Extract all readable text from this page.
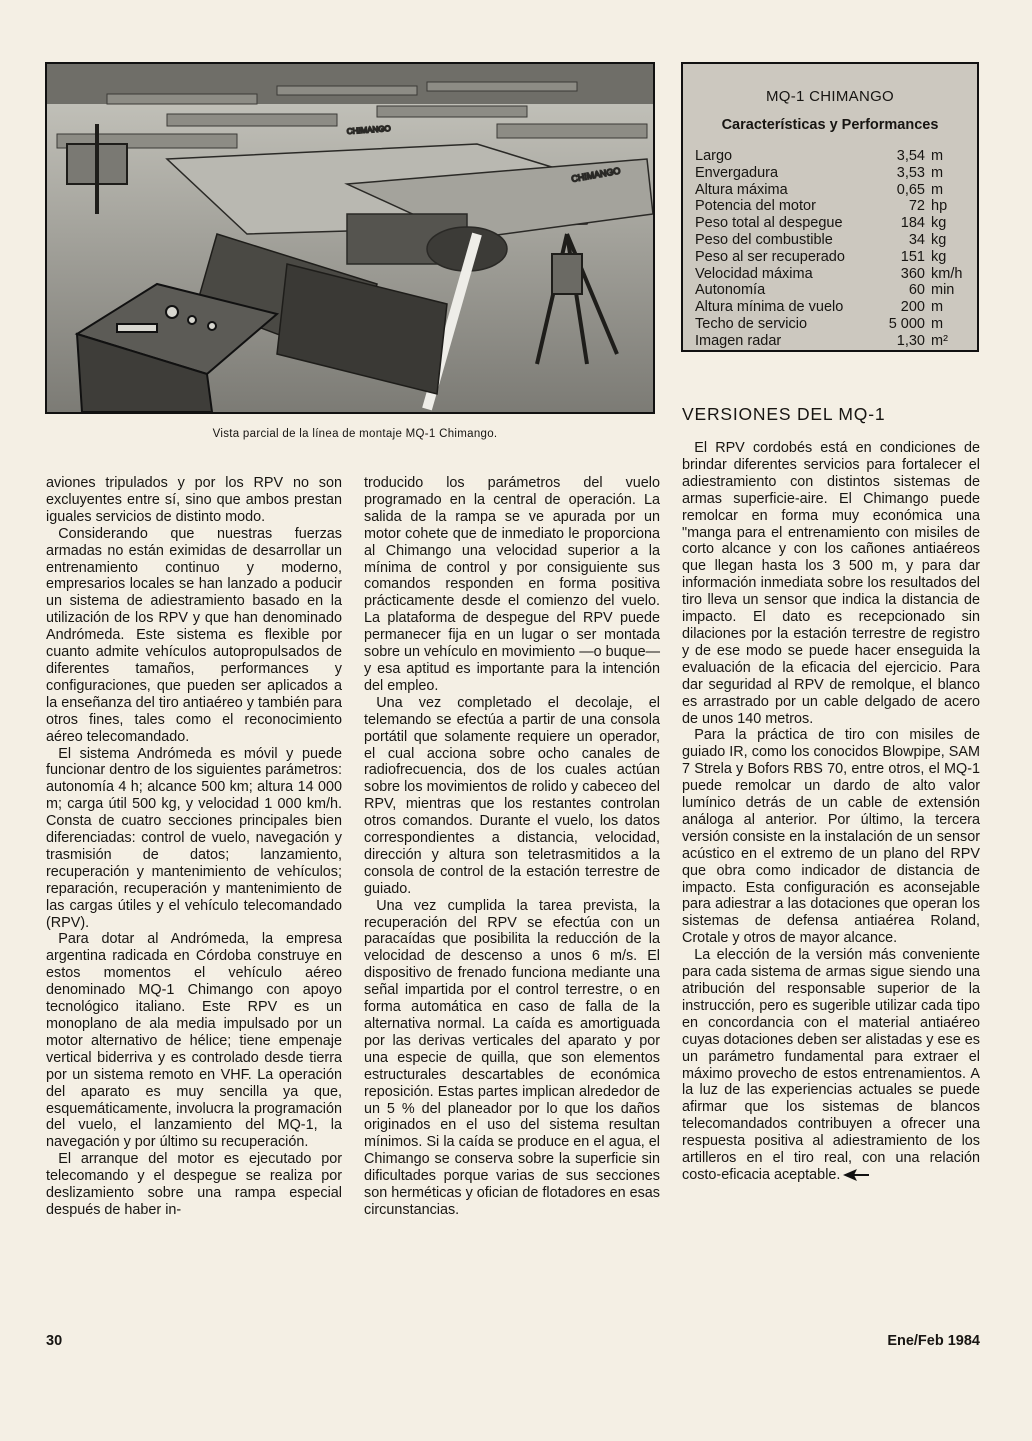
CHIMANGO
CHIMANGO
Vista parcial de la línea de montaje MQ-1 Chimango.
MQ-1 CHIMANGO
Características y Performances
Largo	3,54	m
Envergadura	3,53	m
Altura máxima	0,65	m
Potencia del motor	72	hp
Peso total al despegue	184	kg
Peso del combustible	34	kg
Peso al ser recuperado	151	kg
Velocidad máxima	360	km/h
Autonomía	60	min
Altura mínima de vuelo	200	m
Techo de servicio	5 000	m
Imagen radar	1,30	m²
VERSIONES DEL MQ-1

aviones tripulados y por los RPV no son excluyentes entre sí, sino que ambos prestan iguales servicios de distinto modo.

Considerando que nuestras fuerzas armadas no están eximidas de desarrollar un entrenamiento continuo y moderno, empresarios locales se han lanzado a poducir un sistema de adiestramiento basado en la utilización de los RPV y que han denominado Andrómeda. Este sistema es flexible por cuanto admite vehículos autopropulsados de diferentes tamaños, performances y configuraciones, que pueden ser aplicados a la enseñanza del tiro antiaéreo y también para otros fines, tales como el reconocimiento aéreo telecomandado.

El sistema Andrómeda es móvil y puede funcionar dentro de los siguientes parámetros: autonomía 4 h; alcance 500 km; altura 14 000 m; carga útil 500 kg, y velocidad 1 000 km/h. Consta de cuatro secciones principales bien diferenciadas: control de vuelo, navegación y trasmisión de datos; lanzamiento, recuperación y mantenimiento de vehículos; reparación, recuperación y mantenimiento de las cargas útiles y el vehículo telecomandado (RPV).

Para dotar al Andrómeda, la empresa argentina radicada en Córdoba construye en estos momentos el vehículo aéreo denominado MQ-1 Chimango con apoyo tecnológico italiano. Este RPV es un monoplano de ala media impulsado por un motor alternativo de hélice; tiene empenaje vertical biderriva y es controlado desde tierra por un sistema remoto en VHF. La operación del aparato es muy sencilla ya que, esquemáticamente, involucra la programación del vuelo, el lanzamiento del MQ-1, la navegación y por último su recuperación.

El arranque del motor es ejecutado por telecomando y el despegue se realiza por deslizamiento sobre una rampa especial después de haber in-

troducido los parámetros del vuelo programado en la central de operación. La salida de la rampa se ve apurada por un motor cohete que de inmediato le proporciona al Chimango una velocidad superior a la mínima de control y por consiguiente sus comandos responden en forma positiva prácticamente desde el comienzo del vuelo. La plataforma de despegue del RPV puede permanecer fija en un lugar o ser montada sobre un vehículo en movimiento —o buque— y esa aptitud es importante para la intención del empleo.

Una vez completado el decolaje, el telemando se efectúa a partir de una consola portátil que solamente requiere un operador, el cual acciona sobre ocho canales de radiofrecuencia, dos de los cuales actúan sobre los movimientos de rolido y cabeceo del RPV, mientras que los restantes controlan otros comandos. Durante el vuelo, los datos correspondientes a distancia, velocidad, dirección y altura son teletrasmitidos a la consola de control de la estación terrestre de guiado.

Una vez cumplida la tarea prevista, la recuperación del RPV se efectúa con un paracaídas que posibilita la reducción de la velocidad de descenso a unos 6 m/s. El dispositivo de frenado funciona mediante una señal impartida por el control terrestre, o en forma automática en caso de falla de la alternativa normal. La caída es amortiguada por las derivas verticales del aparato y por una especie de quilla, que son elementos estructurales descartables de económica reposición. Estas partes implican alrededor de un 5 % del planeador por lo que los daños originados en el uso del sistema resultan mínimos. Si la caída se produce en el agua, el Chimango se conserva sobre la superficie sin dificultades porque varias de sus secciones son herméticas y ofician de flotadores en esas circunstancias.

El RPV cordobés está en condiciones de brindar diferentes servicios para fortalecer el adiestramiento con distintos sistemas de armas superficie-aire. El Chimango puede remolcar en forma muy económica una "manga para el entrenamiento con misiles de corto alcance y con los cañones antiaéreos que llegan hasta los 3 500 m, y para dar información inmediata sobre los resultados del tiro lleva un sensor que indica la distancia de impacto. El dato es recepcionado sin dilaciones por la estación terrestre de registro y de ese modo se puede hacer enseguida la evaluación de la eficacia del ejercicio. Para dar seguridad al RPV de remolque, el blanco es arrastrado por un cable delgado de acero de unos 140 metros.

Para la práctica de tiro con misiles de guiado IR, como los conocidos Blowpipe, SAM 7 Strela y Bofors RBS 70, entre otros, el MQ-1 puede remolcar un dardo de alto valor lumínico detrás de un cable de extensión análoga al anterior. Por último, la tercera versión consiste en la instalación de un sensor acústico en el extremo de un plano del RPV que obra como indicador de distancia de impacto. Esta configuración es aconsejable para adiestrar a las dotaciones que operan los sistemas de defensa antiaérea Roland, Crotale y otros de mayor alcance.

La elección de la versión más conveniente para cada sistema de armas sigue siendo una atribución del responsable superior de la instrucción, pero es sugerible utilizar cada tipo en concordancia con el material antiaéreo cuyas dotaciones deben ser alistadas y ese es un parámetro fundamental para extraer el máximo provecho de estos entrenamientos. A la luz de las experiencias actuales se puede afirmar que los sistemas de blancos telecomandados contribuyen a ofrecer una respuesta positiva al adiestramiento de los artilleros en el tiro real, con una relación costo-eficacia aceptable.

30	Ene/Feb 1984
